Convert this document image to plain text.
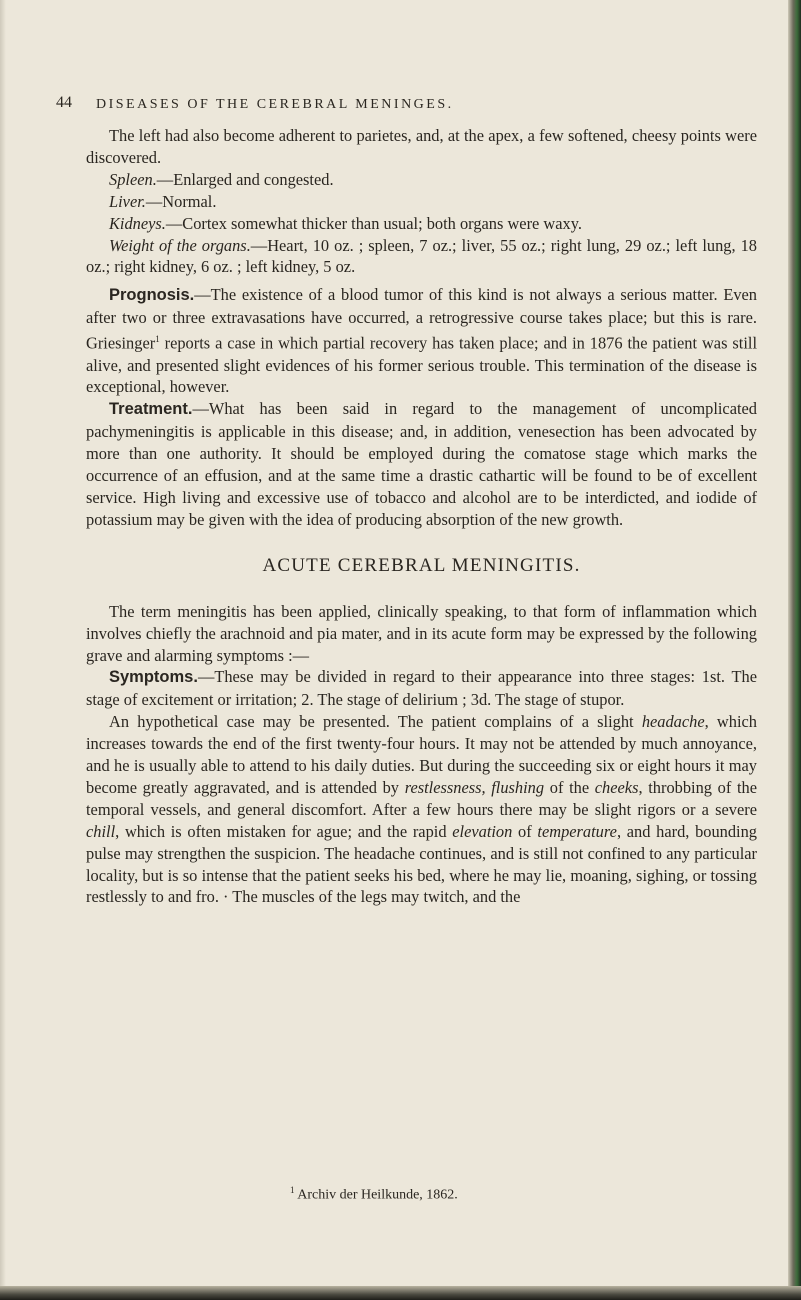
44 DISEASES OF THE CEREBRAL MENINGES.

The left had also become adherent to parietes, and, at the apex, a few softened, cheesy points were discovered.

Spleen.—Enlarged and congested.

Liver.—Normal.

Kidneys.—Cortex somewhat thicker than usual; both organs were waxy.

Weight of the organs.—Heart, 10 oz. ; spleen, 7 oz.; liver, 55 oz.; right lung, 29 oz.; left lung, 18 oz.; right kidney, 6 oz. ; left kidney, 5 oz.

Prognosis.—The existence of a blood tumor of this kind is not always a serious matter. Even after two or three extravasations have occurred, a retrogressive course takes place; but this is rare. Griesinger$^1$ reports a case in which partial recovery has taken place; and in 1876 the patient was still alive, and presented slight evidences of his former serious trouble. This termination of the disease is exceptional, however.

Treatment.—What has been said in regard to the management of uncomplicated pachymeningitis is applicable in this disease; and, in addition, venesection has been advocated by more than one authority. It should be employed during the comatose stage which marks the occurrence of an effusion, and at the same time a drastic cathartic will be found to be of excellent service. High living and excessive use of tobacco and alcohol are to be interdicted, and iodide of potassium may be given with the idea of producing absorption of the new growth.

ACUTE CEREBRAL MENINGITIS.

The term meningitis has been applied, clinically speaking, to that form of inflammation which involves chiefly the arachnoid and pia mater, and in its acute form may be expressed by the following grave and alarming symptoms :—

Symptoms.—These may be divided in regard to their appearance into three stages: 1st. The stage of excitement or irritation; 2. The stage of delirium ; 3d. The stage of stupor.

An hypothetical case may be presented. The patient complains of a slight headache, which increases towards the end of the first twenty-four hours. It may not be attended by much annoyance, and he is usually able to attend to his daily duties. But during the succeeding six or eight hours it may become greatly aggravated, and is attended by restlessness, flushing of the cheeks, throbbing of the temporal vessels, and general discomfort. After a few hours there may be slight rigors or a severe chill, which is often mistaken for ague; and the rapid elevation of temperature, and hard, bounding pulse may strengthen the suspicion. The headache continues, and is still not confined to any particular locality, but is so intense that the patient seeks his bed, where he may lie, moaning, sighing, or tossing restlessly to and fro. · The muscles of the legs may twitch, and the

$^1$ Archiv der Heilkunde, 1862.
